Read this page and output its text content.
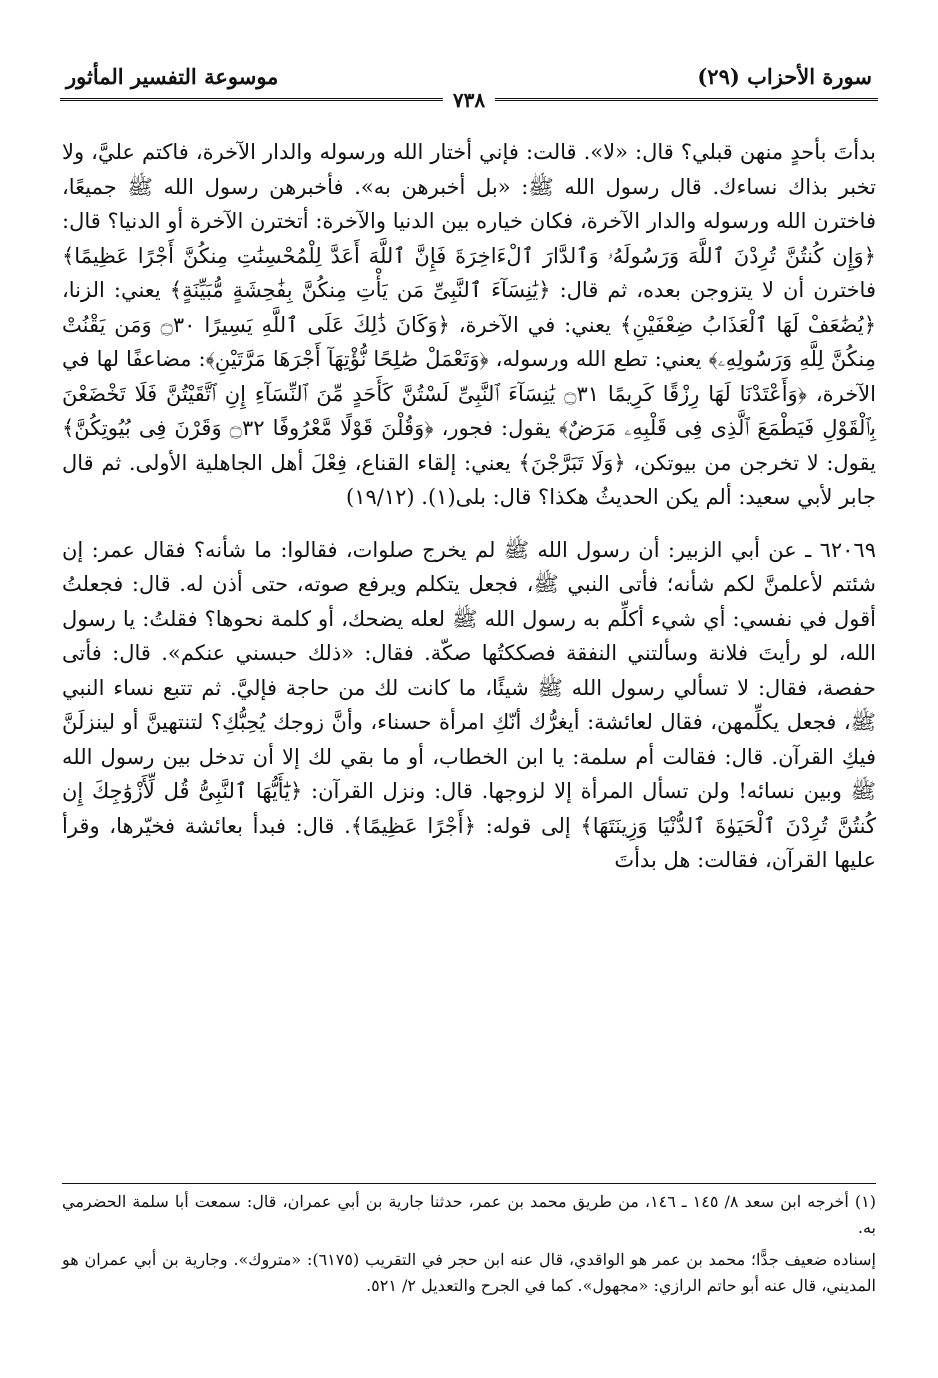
موسوعة التفسير المأثور
٧٣٨
سورة الأحزاب (٢٩)

بدأتَ بأحدٍ منهن قبلي؟ قال: «لا». قالت: فإني أختار الله ورسوله والدار الآخرة، فاكتم عليَّ، ولا تخبر بذاك نساءك. قال رسول الله ﷺ: «بل أخبرهن به». فأخبرهن رسول الله ﷺ جميعًا، فاخترن الله ورسوله والدار الآخرة، فكان خياره بين الدنيا والآخرة: أتخترن الآخرة أو الدنيا؟ قال: ﴿وَإِن كُنتُنَّ تُرِدْنَ ٱللَّهَ وَرَسُولَهُۥ وَٱلدَّارَ ٱلْءَاخِرَةَ فَإِنَّ ٱللَّهَ أَعَدَّ لِلْمُحْسِنَٰتِ مِنكُنَّ أَجْرًا عَظِيمًا﴾ فاخترن أن لا يتزوجن بعده، ثم قال: ﴿يَٰنِسَآءَ ٱلنَّبِىِّ مَن يَأْتِ مِنكُنَّ بِفَٰحِشَةٍ مُّبَيِّنَةٍ﴾ يعني: الزنا، ﴿يُضَٰعَفْ لَهَا ٱلْعَذَابُ ضِعْفَيْنِ﴾ يعني: في الآخرة، ﴿وَكَانَ ذَٰلِكَ عَلَى ٱللَّهِ يَسِيرًا ۝٣٠ وَمَن يَقْنُتْ مِنكُنَّ لِلَّهِ وَرَسُولِهِۦ﴾ يعني: تطع الله ورسوله، ﴿وَتَعْمَلْ صَٰلِحًا نُّؤْتِهَآ أَجْرَهَا مَرَّتَيْنِ﴾: مضاعفًا لها في الآخرة، ﴿وَأَعْتَدْنَا لَهَا رِزْقًا كَرِيمًا ۝٣١ يَٰنِسَآءَ ٱلنَّبِىِّ لَسْتُنَّ كَأَحَدٍ مِّنَ ٱلنِّسَآءِ إِنِ ٱتَّقَيْتُنَّ فَلَا تَخْضَعْنَ بِٱلْقَوْلِ فَيَطْمَعَ ٱلَّذِى فِى قَلْبِهِۦ مَرَضٌ﴾ يقول: فجور، ﴿وَقُلْنَ قَوْلًا مَّعْرُوفًا ۝٣٢ وَقَرْنَ فِى بُيُوتِكُنَّ﴾ يقول: لا تخرجن من بيوتكن، ﴿وَلَا تَبَرَّجْنَ﴾ يعني: إلقاء القناع، فِعْلَ أهل الجاهلية الأولى. ثم قال جابر لأبي سعيد: ألم يكن الحديثُ هكذا؟ قال: بلى(١). (١٩/١٢)

٦٢٠٦٩ ـ عن أبي الزبير: أن رسول الله ﷺ لم يخرج صلوات، فقالوا: ما شأنه؟ فقال عمر: إن شئتم لأعلمنَّ لكم شأنه؛ فأتى النبي ﷺ، فجعل يتكلم ويرفع صوته، حتى أذن له. قال: فجعلتُ أقول في نفسي: أي شيء أكلِّم به رسول الله ﷺ لعله يضحك، أو كلمة نحوها؟ فقلتُ: يا رسول الله، لو رأيتَ فلانة وسألتني النفقة فصككتُها صكّة. فقال: «ذلك حبسني عنكم». قال: فأتى حفصة، فقال: لا تسألي رسول الله ﷺ شيئًا، ما كانت لك من حاجة فإليَّ. ثم تتبع نساء النبي ﷺ، فجعل يكلِّمهن، فقال لعائشة: أيغرُّك أنّكِ امرأة حسناء، وأنَّ زوجك يُحِبُّكِ؟ لتنتهينَّ أو لينزلَنَّ فيكِ القرآن. قال: فقالت أم سلمة: يا ابن الخطاب، أو ما بقي لك إلا أن تدخل بين رسول الله ﷺ وبين نسائه! ولن تسأل المرأة إلا لزوجها. قال: ونزل القرآن: ﴿يَٰٓأَيُّهَا ٱلنَّبِىُّ قُل لِّأَزْوَٰجِكَ إِن كُنتُنَّ تُرِدْنَ ٱلْحَيَوٰةَ ٱلدُّنْيَا وَزِينَتَهَا﴾ إلى قوله: ﴿أَجْرًا عَظِيمًا﴾. قال: فبدأ بعائشة فخيّرها، وقرأ عليها القرآن، فقالت: هل بدأتَ

(١) أخرجه ابن سعد ٨/ ١٤٥ ـ ١٤٦، من طريق محمد بن عمر، حدثنا جارية بن أبي عمران، قال: سمعت أبا سلمة الحضرمي به.

إسناده ضعيف جدًّا؛ محمد بن عمر هو الواقدي، قال عنه ابن حجر في التقريب (٦١٧٥): «متروك». وجارية بن أبي عمران هو المديني، قال عنه أبو حاتم الرازي: «مجهول». كما في الجرح والتعديل ٢/ ٥٢١.
